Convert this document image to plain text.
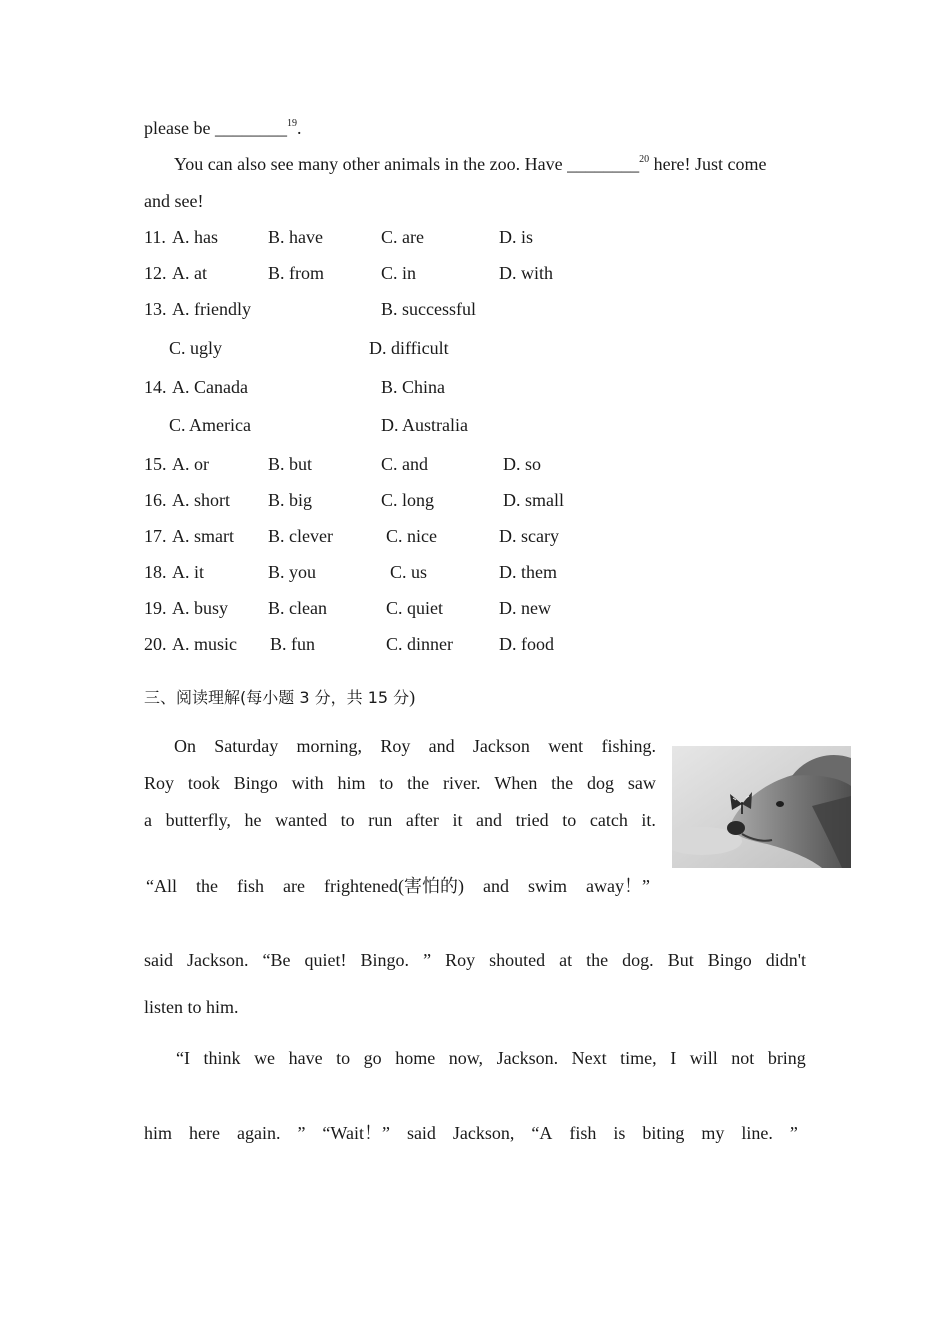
please be ________$^{19}$.
You can also see many other animals in the zoo. Have ________$^{20}$ here! Just come
and see!
11. A. has	B. have	C. are	D. is
12. A. at	B. from	C. in	D. with
13. A. friendly	B. successful
C. ugly	D. difficult
14. A. Canada	B. China
C. America	D. Australia
15. A. or	B. but	C. and	D. so
16. A. short B. big	C. long	D. small
17. A. smart B. clever	C. nice	D. scary
18. A. it	B. you	C. us	D. them
19. A. busy B. clean	C. quiet	D. new
20. A. music B. fun	C. dinner	D. food
三、阅读理解(每小题 3 分，共 15 分)
On Saturday morning, Roy and Jackson went fishing.
Roy took Bingo with him to the river. When the dog saw
a butterfly, he wanted to run after it and tried to catch it.
“All the fish are frightened(害怕的) and swim away！”
said Jackson. “Be quiet! Bingo. ” Roy shouted at the dog. But Bingo didn't
listen to him.
“I think we have to go home now, Jackson. Next time, I will not bring
him here again. ” “Wait！” said Jackson, “A fish is biting my line. ”
